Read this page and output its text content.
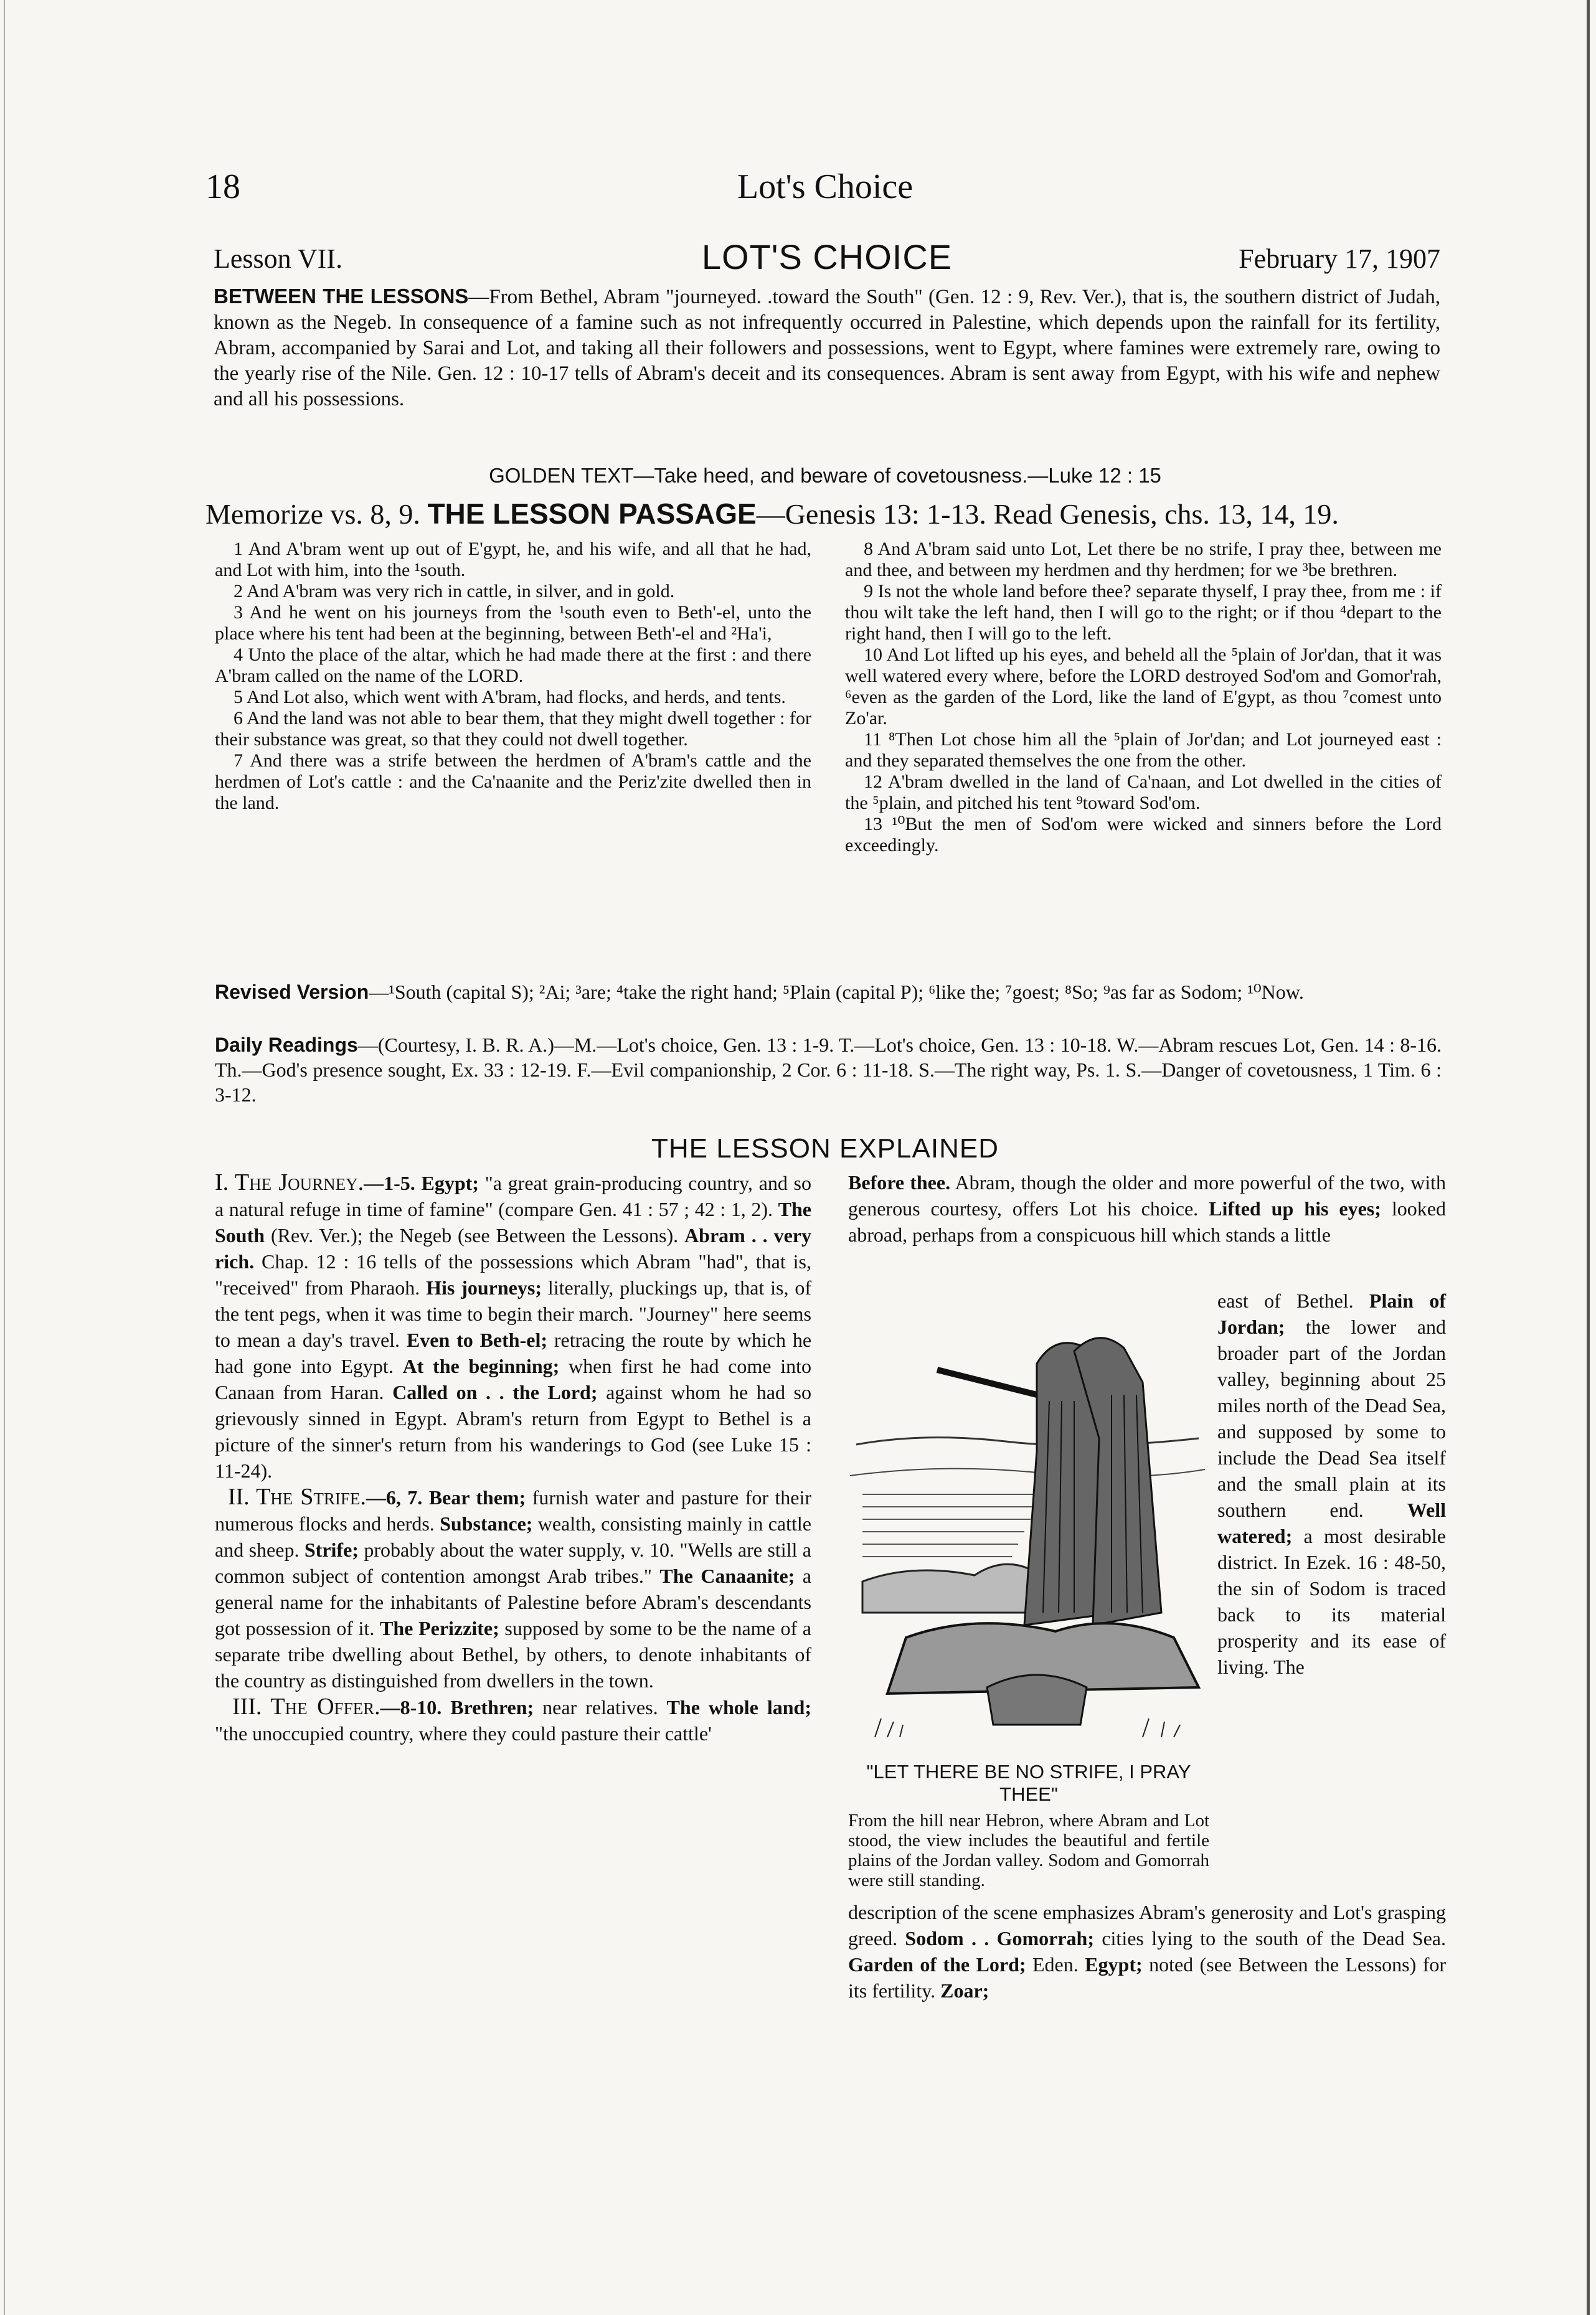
18	Lot's Choice
Lesson VII.	LOT'S CHOICE	February 17, 1907

BETWEEN THE LESSONS—From Bethel, Abram "journeyed. .toward the South" (Gen. 12 : 9, Rev. Ver.), that is, the southern district of Judah, known as the Negeb. In consequence of a famine such as not infrequently occurred in Palestine, which depends upon the rainfall for its fertility, Abram, accompanied by Sarai and Lot, and taking all their followers and possessions, went to Egypt, where famines were extremely rare, owing to the yearly rise of the Nile. Gen. 12 : 10-17 tells of Abram's deceit and its consequences. Abram is sent away from Egypt, with his wife and nephew and all his possessions.

GOLDEN TEXT—Take heed, and beware of covetousness.—Luke 12 : 15
Memorize vs. 8, 9. THE LESSON PASSAGE—Genesis 13: 1-13. Read Genesis, chs. 13, 14, 19.

1 And A'bram went up out of E'gypt, he, and his wife, and all that he had, and Lot with him, into the ¹south.

2 And A'bram was very rich in cattle, in silver, and in gold.

3 And he went on his journeys from the ¹south even to Beth'-el, unto the place where his tent had been at the beginning, between Beth'-el and ²Ha'i,

4 Unto the place of the altar, which he had made there at the first : and there A'bram called on the name of the LORD.

5 And Lot also, which went with A'bram, had flocks, and herds, and tents.

6 And the land was not able to bear them, that they might dwell together : for their substance was great, so that they could not dwell together.

7 And there was a strife between the herdmen of A'bram's cattle and the herdmen of Lot's cattle : and the Ca'naanite and the Periz'zite dwelled then in the land.

8 And A'bram said unto Lot, Let there be no strife, I pray thee, between me and thee, and between my herdmen and thy herdmen; for we ³be brethren.

9 Is not the whole land before thee? separate thyself, I pray thee, from me : if thou wilt take the left hand, then I will go to the right; or if thou ⁴depart to the right hand, then I will go to the left.

10 And Lot lifted up his eyes, and beheld all the ⁵plain of Jor'dan, that it was well watered every where, before the LORD destroyed Sod'om and Gomor'rah, ⁶even as the garden of the Lord, like the land of E'gypt, as thou ⁷comest unto Zo'ar.

11 ⁸Then Lot chose him all the ⁵plain of Jor'dan; and Lot journeyed east : and they separated themselves the one from the other.

12 A'bram dwelled in the land of Ca'naan, and Lot dwelled in the cities of the ⁵plain, and pitched his tent ⁹toward Sod'om.

13 ¹⁰But the men of Sod'om were wicked and sinners before the Lord exceedingly.

Revised Version—¹South (capital S); ²Ai; ³are; ⁴take the right hand; ⁵Plain (capital P); ⁶like the; ⁷goest; ⁸So; ⁹as far as Sodom; ¹⁰Now.

Daily Readings—(Courtesy, I. B. R. A.)—M.—Lot's choice, Gen. 13 : 1-9. T.—Lot's choice, Gen. 13 : 10-18. W.—Abram rescues Lot, Gen. 14 : 8-16. Th.—God's presence sought, Ex. 33 : 12-19. F.—Evil companionship, 2 Cor. 6 : 11-18. S.—The right way, Ps. 1. S.—Danger of covetousness, 1 Tim. 6 : 3-12.

THE LESSON EXPLAINED

I. The Journey.—1-5. Egypt; "a great grain-producing country, and so a natural refuge in time of famine" (compare Gen. 41 : 57 ; 42 : 1, 2). The South (Rev. Ver.); the Negeb (see Between the Lessons). Abram . . very rich. Chap. 12 : 16 tells of the possessions which Abram "had", that is, "received" from Pharaoh. His journeys; literally, pluckings up, that is, of the tent pegs, when it was time to begin their march. "Journey" here seems to mean a day's travel. Even to Beth-el; retracing the route by which he had gone into Egypt. At the beginning; when first he had come into Canaan from Haran. Called on . . the Lord; against whom he had so grievously sinned in Egypt. Abram's return from Egypt to Bethel is a picture of the sinner's return from his wanderings to God (see Luke 15 : 11-24).
II. The Strife.—6, 7. Bear them; furnish water and pasture for their numerous flocks and herds. Substance; wealth, consisting mainly in cattle and sheep. Strife; probably about the water supply, v. 10. "Wells are still a common subject of contention amongst Arab tribes." The Canaanite; a general name for the inhabitants of Palestine before Abram's descendants got possession of it. The Perizzite; supposed by some to be the name of a separate tribe dwelling about Bethel, by others, to denote inhabitants of the country as distinguished from dwellers in the town.
III. The Offer.—8-10. Brethren; near relatives. The whole land; "the unoccupied country, where they could pasture their cattle'

Before thee. Abram, though the older and more powerful of the two, with generous courtesy, offers Lot his choice. Lifted up his eyes; looked abroad, perhaps from a conspicuous hill which stands a little

"LET THERE BE NO STRIFE, I PRAY THEE"

From the hill near Hebron, where Abram and Lot stood, the view includes the beautiful and fertile plains of the Jordan valley. Sodom and Gomorrah were still standing.

east of Bethel. Plain of Jordan; the lower and broader part of the Jordan valley, beginning about 25 miles north of the Dead Sea, and supposed by some to include the Dead Sea itself and the small plain at its southern end. Well watered; a most desirable district. In Ezek. 16 : 48-50, the sin of Sodom is traced back to its material prosperity and its ease of living. The

description of the scene emphasizes Abram's generosity and Lot's grasping greed. Sodom . . Gomorrah; cities lying to the south of the Dead Sea. Garden of the Lord; Eden. Egypt; noted (see Between the Lessons) for its fertility. Zoar;
